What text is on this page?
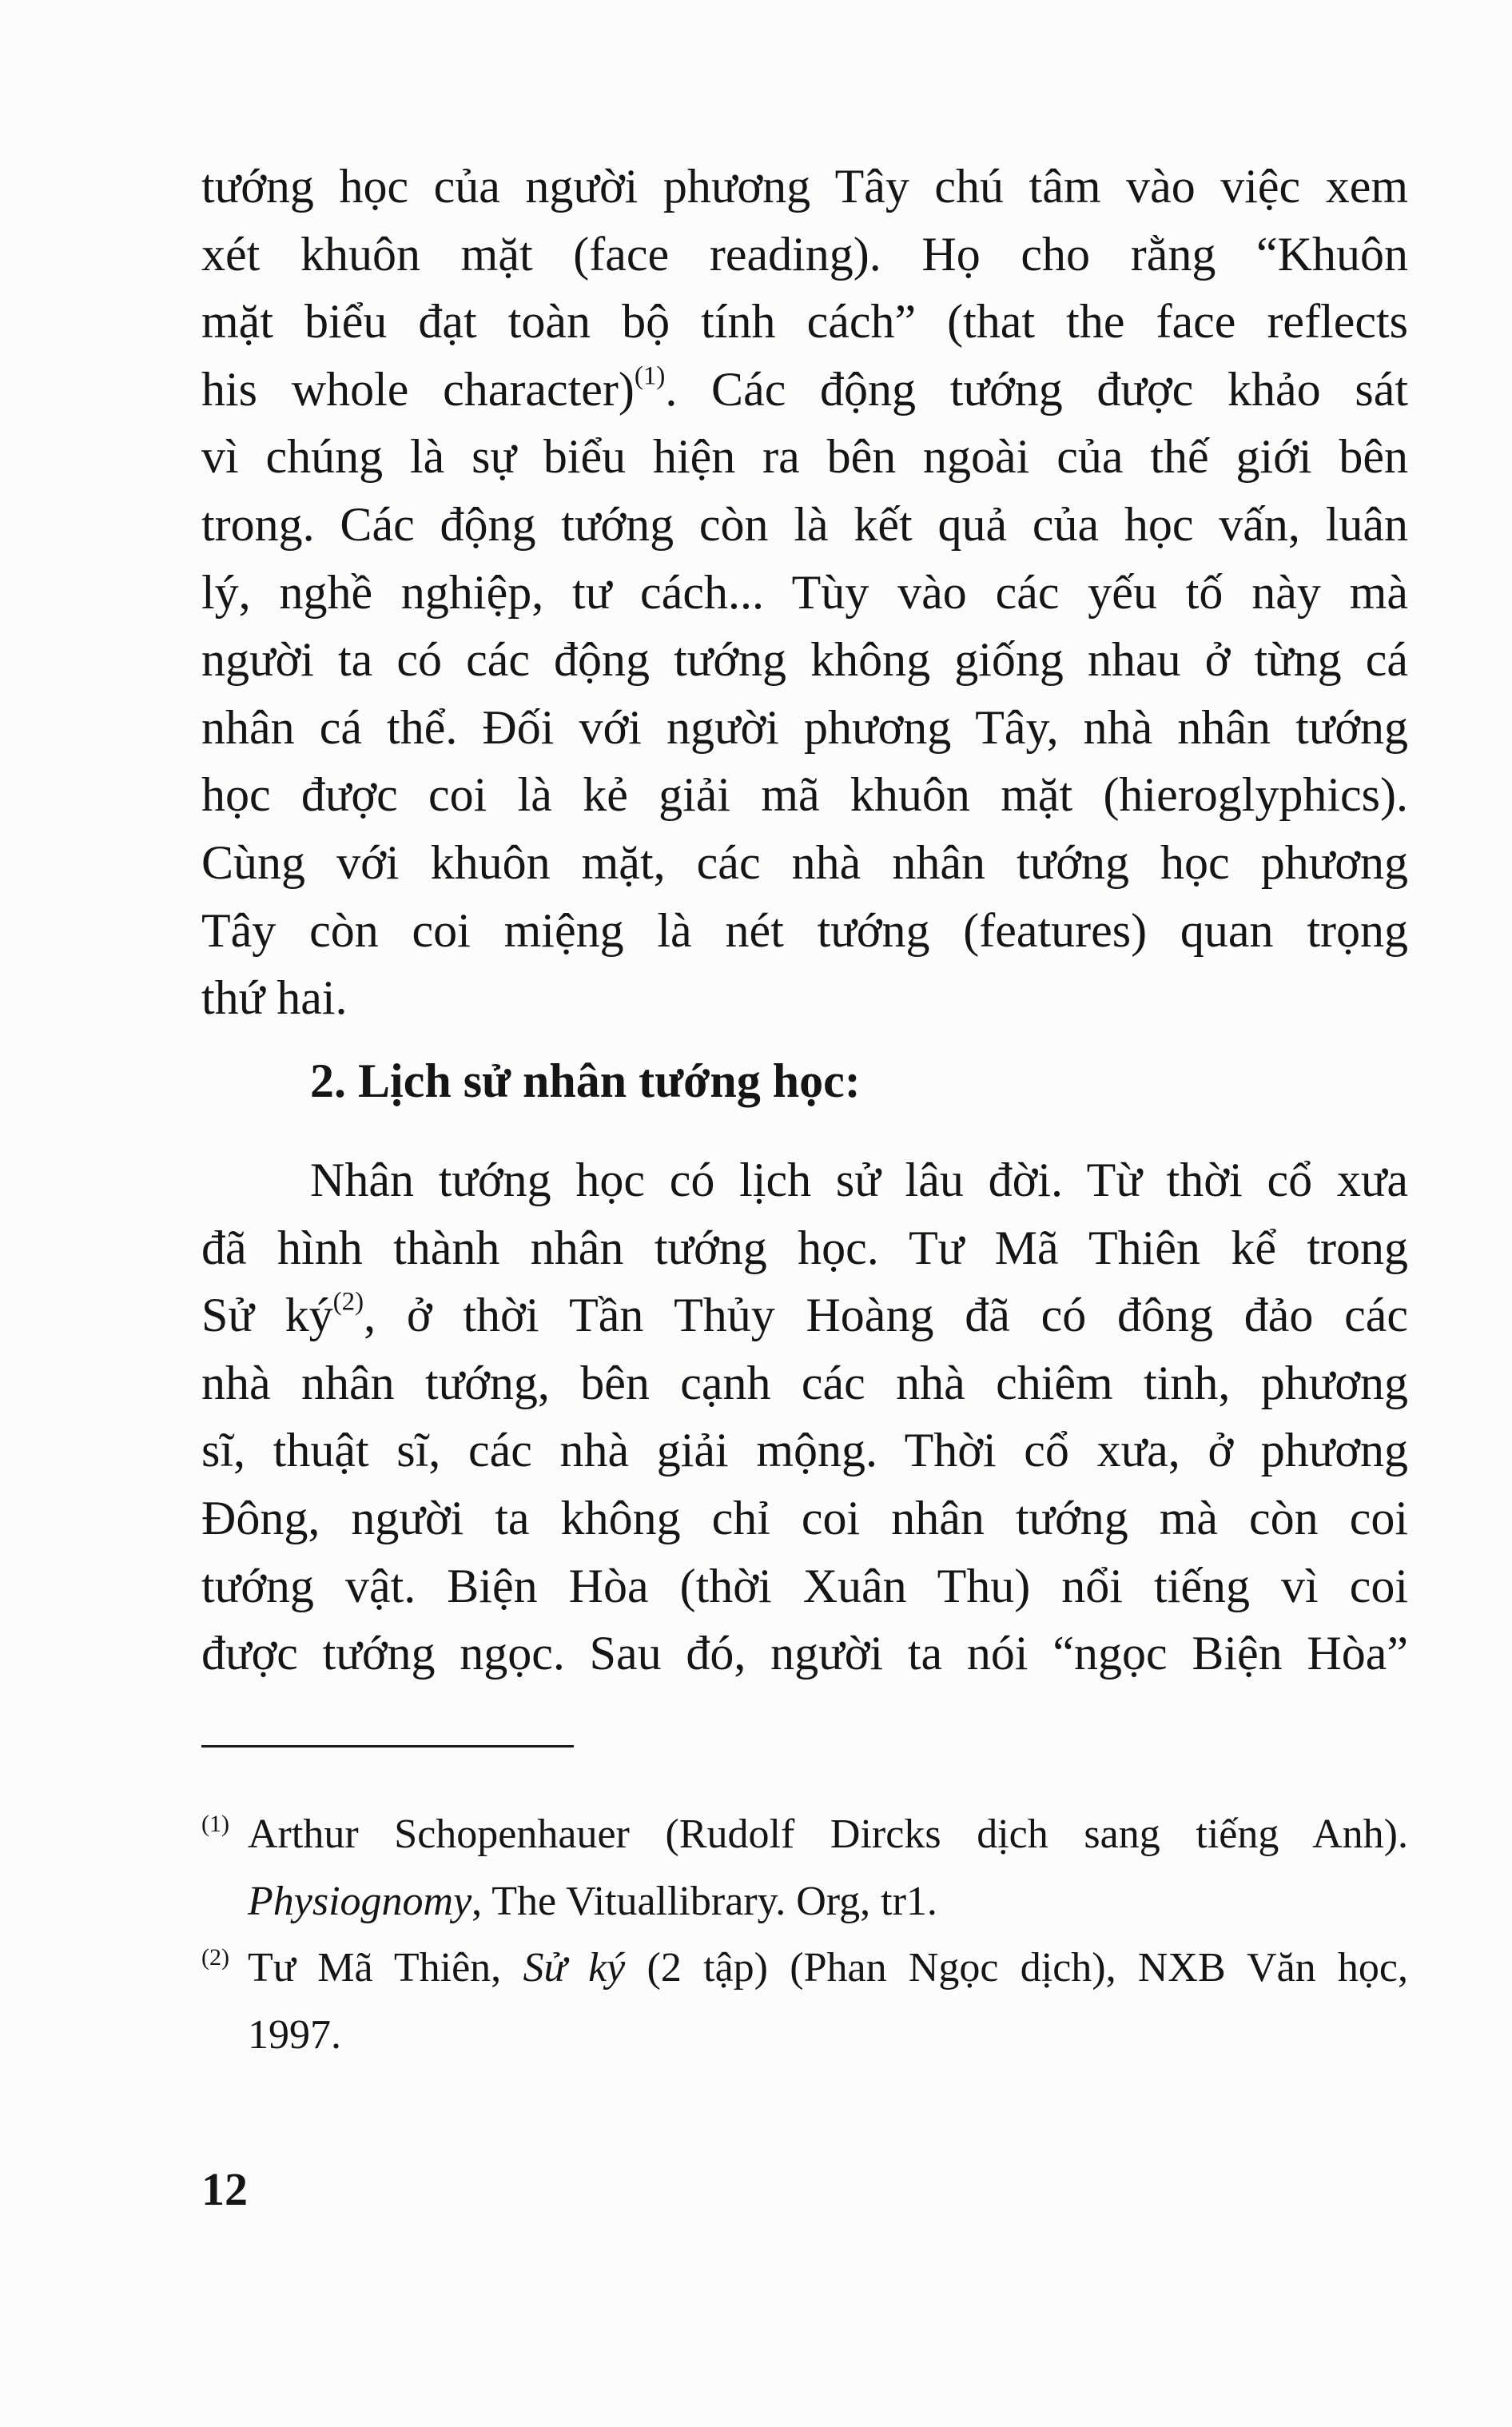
12
tướng học của người phương Tây chú tâm vào việc xem
xét khuôn mặt (face reading). Họ cho rằng “Khuôn
mặt biểu đạt toàn bộ tính cách” (that the face reflects
his whole character)$^{(1)}$. Các động tướng được khảo sát
vì chúng là sự biểu hiện ra bên ngoài của thế giới bên
trong. Các động tướng còn là kết quả của học vấn, luân
lý, nghề nghiệp, tư cách... Tùy vào các yếu tố này mà
người ta có các động tướng không giống nhau ở từng cá
nhân cá thể. Đối với người phương Tây, nhà nhân tướng
học được coi là kẻ giải mã khuôn mặt (hieroglyphics).
Cùng với khuôn mặt, các nhà nhân tướng học phương
Tây còn coi miệng là nét tướng (features) quan trọng
thứ hai.
2. Lịch sử nhân tướng học:
Nhân tướng học có lịch sử lâu đời. Từ thời cổ xưa
đã hình thành nhân tướng học. Tư Mã Thiên kể trong
Sử $ký^{(2)}$, ở thời Tần Thủy Hoàng đã có đông đảo các
nhà nhân tướng, bên cạnh các nhà chiêm tinh, phương
sĩ, thuật sĩ, các nhà giải mộng. Thời cổ xưa, ở phương
Đông, người ta không chỉ coi nhân tướng mà còn coi
tướng vật. Biện Hòa (thời Xuân Thu) nổi tiếng vì coi
được tướng ngọc. Sau đó, người ta nói “ngọc Biện Hòa”
(1) Arthur Schopenhauer (Rudolf Dircks dịch sang tiếng Anh).
Physiognomy, The Vituallibrary. Org, tr1.
(2) Tư Mã Thiên, Sử ký (2 tập) (Phan Ngọc dịch), NXB Văn học,
1997.
